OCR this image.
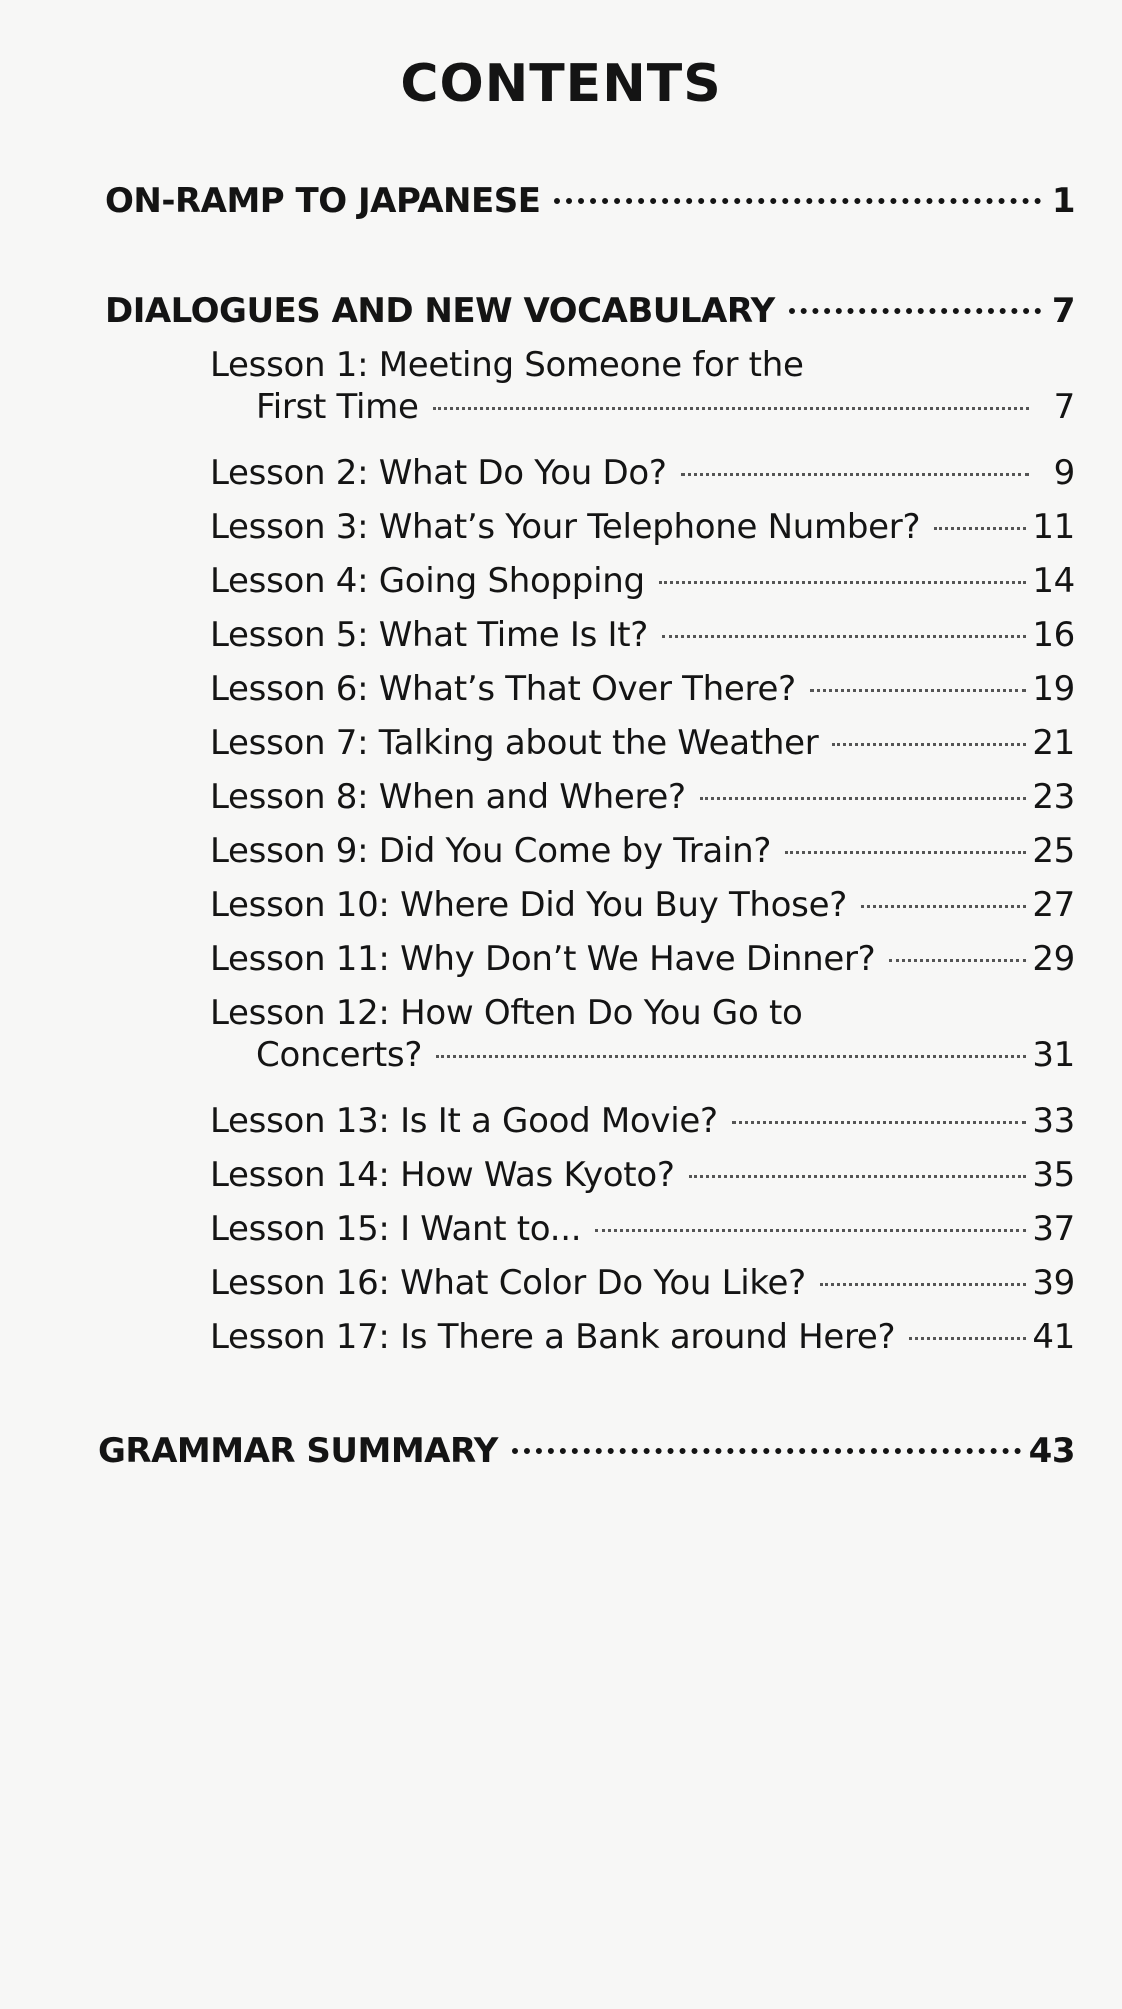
CONTENTS
ON-RAMP TO JAPANESE	1
DIALOGUES AND NEW VOCABULARY	7
Lesson 1: Meeting Someone for the
First Time	7
Lesson 2: What Do You Do?	9
Lesson 3: What’s Your Telephone Number?	11
Lesson 4: Going Shopping	14
Lesson 5: What Time Is It?	16
Lesson 6: What’s That Over There?	19
Lesson 7: Talking about the Weather	21
Lesson 8: When and Where?	23
Lesson 9: Did You Come by Train?	25
Lesson 10: Where Did You Buy Those?	27
Lesson 11: Why Don’t We Have Dinner?	29
Lesson 12: How Often Do You Go to
Concerts?	31
Lesson 13: Is It a Good Movie?	33
Lesson 14: How Was Kyoto?	35
Lesson 15: I Want to...	37
Lesson 16: What Color Do You Like?	39
Lesson 17: Is There a Bank around Here?	41
GRAMMAR SUMMARY	43
